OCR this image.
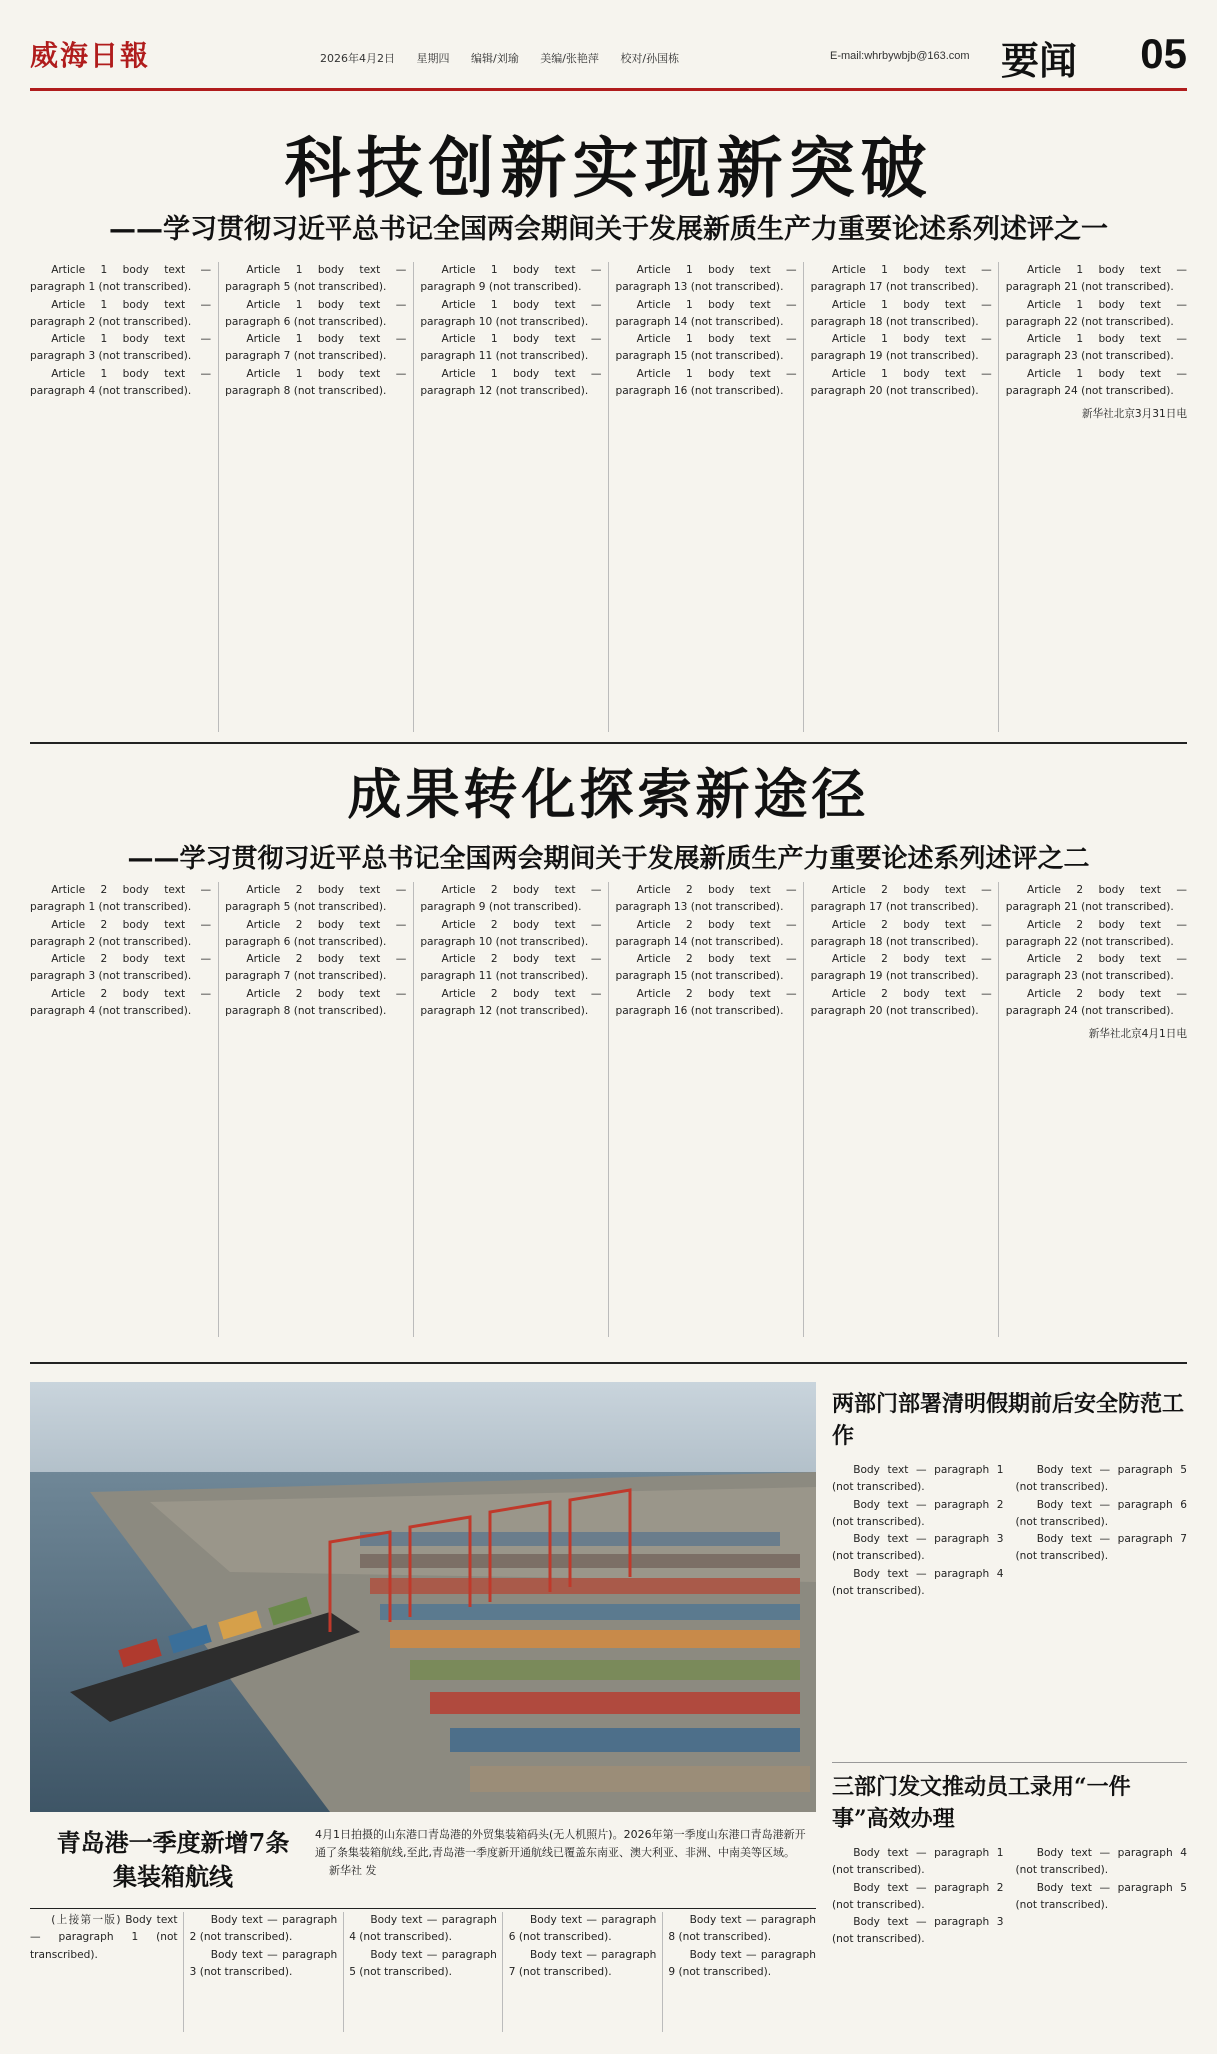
威海日報	2026年4月2日 星期四 编辑/刘瑜 美编/张艳萍 校对/孙国栋	E-mail:whrbywbjb@163.com 要闻 05
科技创新实现新突破
——学习贯彻习近平总书记全国两会期间关于发展新质生产力重要论述系列述评之一

Article 1 body text — paragraph 1 (not transcribed).

Article 1 body text — paragraph 2 (not transcribed).

Article 1 body text — paragraph 3 (not transcribed).

Article 1 body text — paragraph 4 (not transcribed).

Article 1 body text — paragraph 5 (not transcribed).

Article 1 body text — paragraph 6 (not transcribed).

Article 1 body text — paragraph 7 (not transcribed).

Article 1 body text — paragraph 8 (not transcribed).

Article 1 body text — paragraph 9 (not transcribed).

Article 1 body text — paragraph 10 (not transcribed).

Article 1 body text — paragraph 11 (not transcribed).

Article 1 body text — paragraph 12 (not transcribed).

Article 1 body text — paragraph 13 (not transcribed).

Article 1 body text — paragraph 14 (not transcribed).

Article 1 body text — paragraph 15 (not transcribed).

Article 1 body text — paragraph 16 (not transcribed).

Article 1 body text — paragraph 17 (not transcribed).

Article 1 body text — paragraph 18 (not transcribed).

Article 1 body text — paragraph 19 (not transcribed).

Article 1 body text — paragraph 20 (not transcribed).

Article 1 body text — paragraph 21 (not transcribed).

Article 1 body text — paragraph 22 (not transcribed).

Article 1 body text — paragraph 23 (not transcribed).

Article 1 body text — paragraph 24 (not transcribed).

新华社北京3月31日电

成果转化探索新途径
——学习贯彻习近平总书记全国两会期间关于发展新质生产力重要论述系列述评之二

Article 2 body text — paragraph 1 (not transcribed).

Article 2 body text — paragraph 2 (not transcribed).

Article 2 body text — paragraph 3 (not transcribed).

Article 2 body text — paragraph 4 (not transcribed).

Article 2 body text — paragraph 5 (not transcribed).

Article 2 body text — paragraph 6 (not transcribed).

Article 2 body text — paragraph 7 (not transcribed).

Article 2 body text — paragraph 8 (not transcribed).

Article 2 body text — paragraph 9 (not transcribed).

Article 2 body text — paragraph 10 (not transcribed).

Article 2 body text — paragraph 11 (not transcribed).

Article 2 body text — paragraph 12 (not transcribed).

Article 2 body text — paragraph 13 (not transcribed).

Article 2 body text — paragraph 14 (not transcribed).

Article 2 body text — paragraph 15 (not transcribed).

Article 2 body text — paragraph 16 (not transcribed).

Article 2 body text — paragraph 17 (not transcribed).

Article 2 body text — paragraph 18 (not transcribed).

Article 2 body text — paragraph 19 (not transcribed).

Article 2 body text — paragraph 20 (not transcribed).

Article 2 body text — paragraph 21 (not transcribed).

Article 2 body text — paragraph 22 (not transcribed).

Article 2 body text — paragraph 23 (not transcribed).

Article 2 body text — paragraph 24 (not transcribed).

新华社北京4月1日电

青岛港一季度新增7条集装箱航线
4月1日拍摄的山东港口青岛港的外贸集装箱码头(无人机照片)。2026年第一季度山东港口青岛港新开通了条集装箱航线,至此,青岛港一季度新开通航线已覆盖东南亚、澳大利亚、非洲、中南美等区域。 新华社 发
两部门部署清明假期前后安全防范工作

Body text — paragraph 1 (not transcribed).

Body text — paragraph 2 (not transcribed).

Body text — paragraph 3 (not transcribed).

Body text — paragraph 4 (not transcribed).

Body text — paragraph 5 (not transcribed).

Body text — paragraph 6 (not transcribed).

Body text — paragraph 7 (not transcribed).

三部门发文推动员工录用“一件事”高效办理

Body text — paragraph 1 (not transcribed).

Body text — paragraph 2 (not transcribed).

Body text — paragraph 3 (not transcribed).

Body text — paragraph 4 (not transcribed).

Body text — paragraph 5 (not transcribed).

(上接第一版) Body text — paragraph 1 (not transcribed).

Body text — paragraph 2 (not transcribed).

Body text — paragraph 3 (not transcribed).

Body text — paragraph 4 (not transcribed).

Body text — paragraph 5 (not transcribed).

Body text — paragraph 6 (not transcribed).

Body text — paragraph 7 (not transcribed).

Body text — paragraph 8 (not transcribed).

Body text — paragraph 9 (not transcribed).
